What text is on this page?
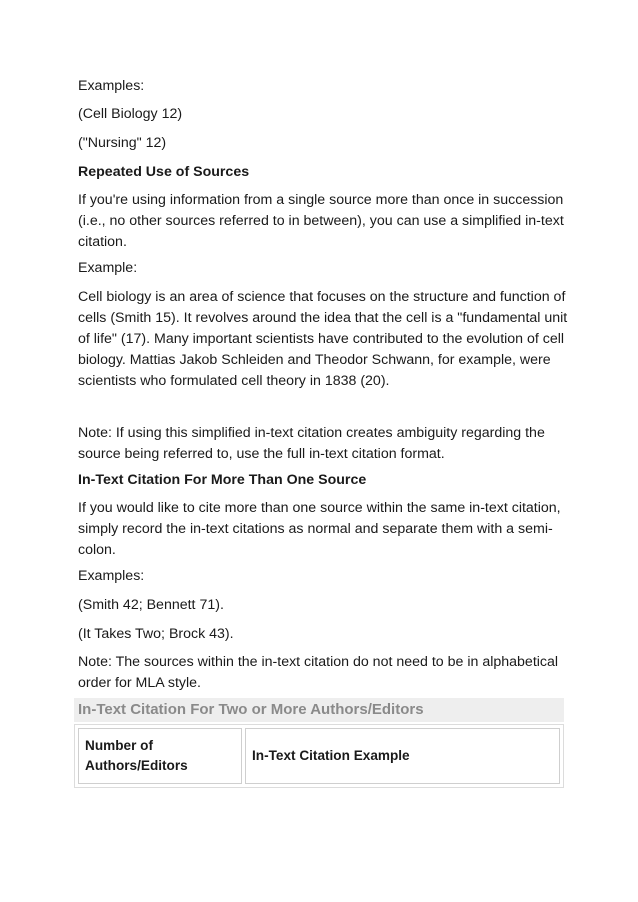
Examples:

(Cell Biology 12)

("Nursing" 12)

Repeated Use of Sources

If you're using information from a single source more than once in succession (i.e., no other sources referred to in between), you can use a simplified in-text citation.

Example:

Cell biology is an area of science that focuses on the structure and function of cells (Smith 15). It revolves around the idea that the cell is a "fundamental unit of life" (17). Many important scientists have contributed to the evolution of cell biology. Mattias Jakob Schleiden and Theodor Schwann, for example, were scientists who formulated cell theory in 1838 (20).

Note: If using this simplified in-text citation creates ambiguity regarding the source being referred to, use the full in-text citation format.

In-Text Citation For More Than One Source

If you would like to cite more than one source within the same in-text citation, simply record the in-text citations as normal and separate them with a semi-colon.

Examples:

(Smith 42; Bennett 71).

(It Takes Two; Brock 43).

Note: The sources within the in-text citation do not need to be in alphabetical order for MLA style.

In-Text Citation For Two or More Authors/Editors
Number of Authors/Editors	In-Text Citation Example
